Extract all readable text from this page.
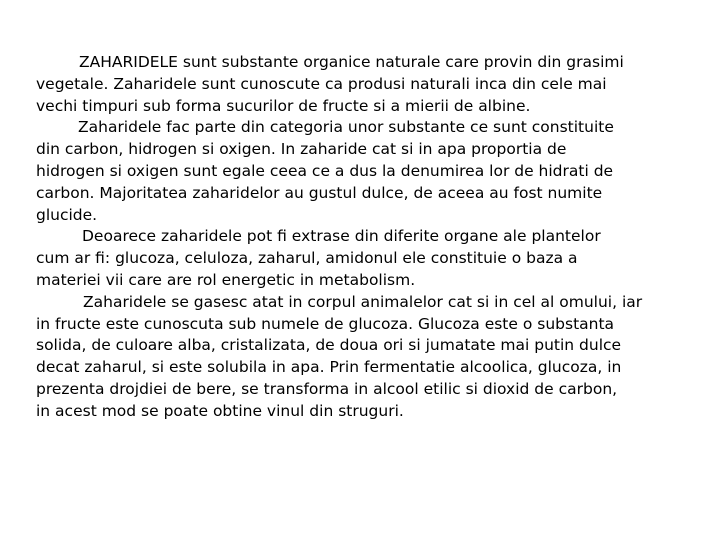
ZAHARIDELE sunt substante organice naturale care provin din grasimi
vegetale. Zaharidele sunt cunoscute ca produsi naturali inca din cele mai
vechi timpuri sub forma sucurilor de fructe si a mierii de albine.

Zaharidele fac parte din categoria unor substante ce sunt constituite
din carbon, hidrogen si oxigen. In zaharide cat si in apa proportia de
hidrogen si oxigen sunt egale ceea ce a dus la denumirea lor de hidrati de
carbon. Majoritatea zaharidelor au gustul dulce, de aceea au fost numite
glucide.

Deoarece zaharidele pot fi extrase din diferite organe ale plantelor
cum ar fi: glucoza, celuloza, zaharul, amidonul ele constituie o baza a
materiei vii care are rol energetic in metabolism.

Zaharidele se gasesc atat in corpul animalelor cat si in cel al omului, iar
in fructe este cunoscuta sub numele de glucoza. Glucoza este o substanta
solida, de culoare alba, cristalizata, de doua ori si jumatate mai putin dulce
decat zaharul, si este solubila in apa. Prin fermentatie alcoolica, glucoza, in
prezenta drojdiei de bere, se transforma in alcool etilic si dioxid de carbon,
in acest mod se poate obtine vinul din struguri.
